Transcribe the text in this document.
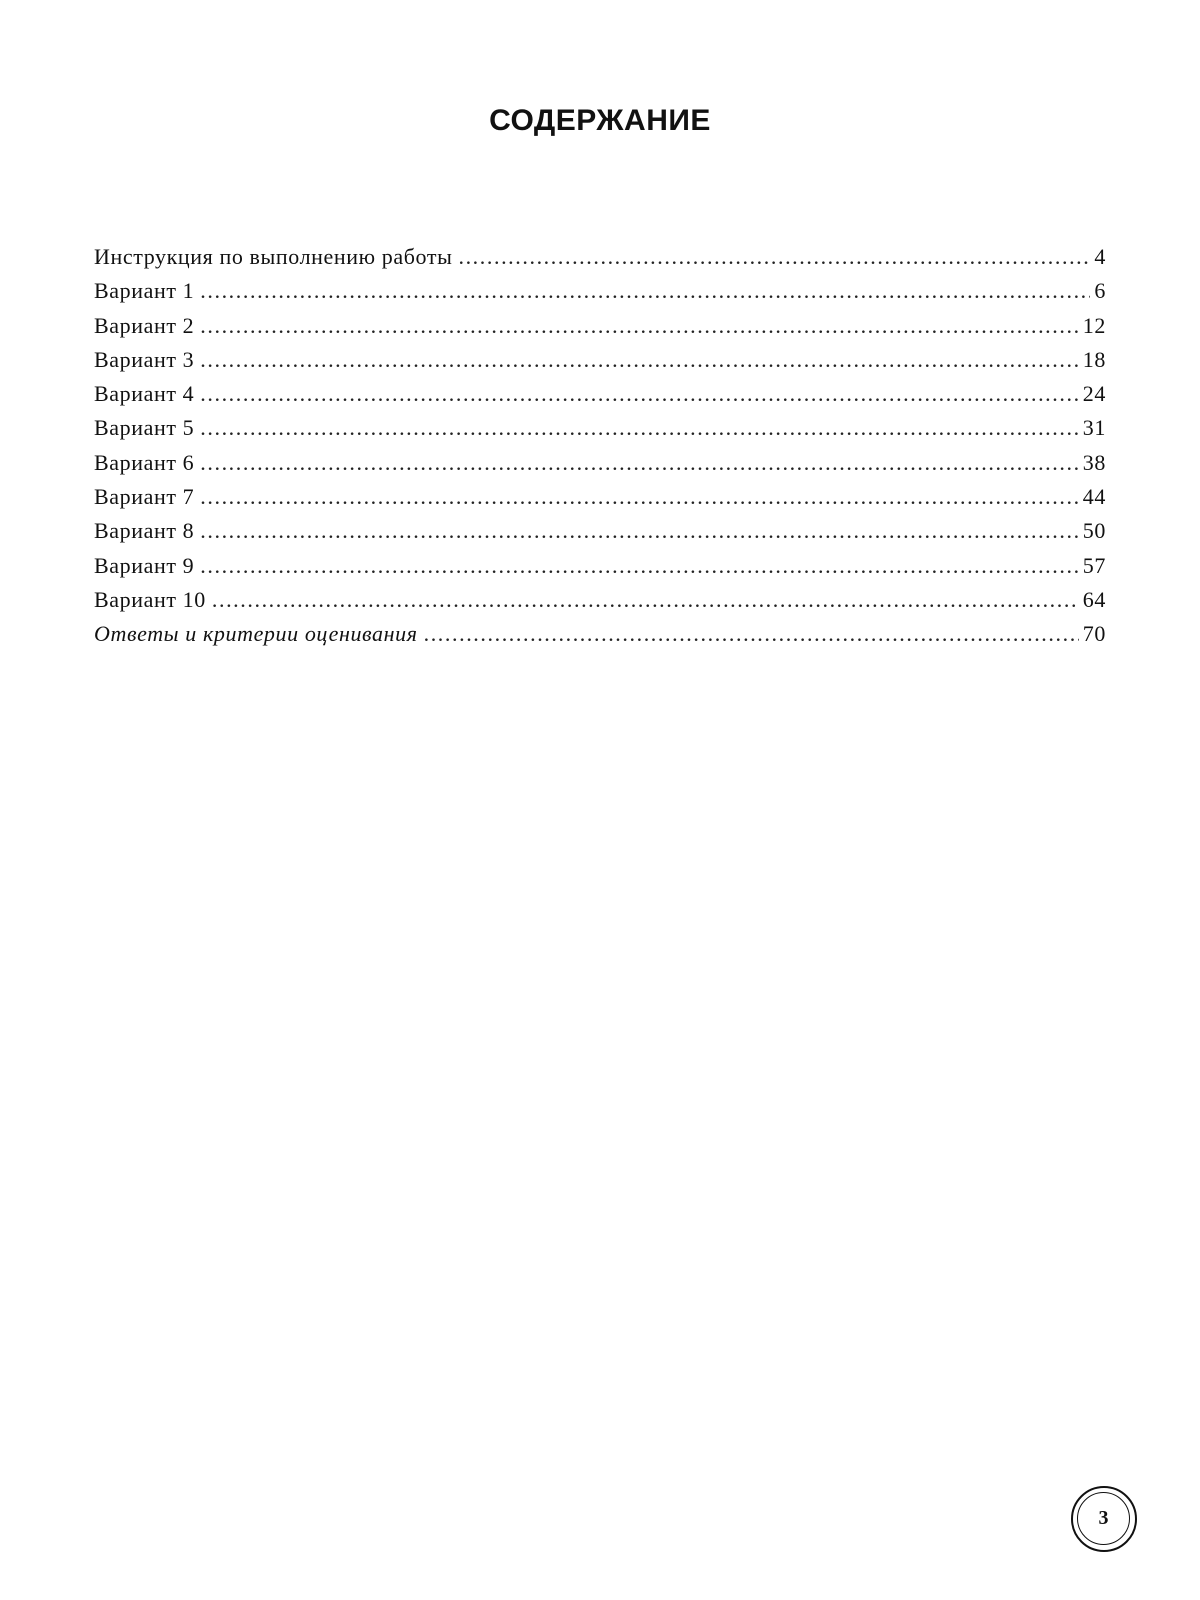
СОДЕРЖАНИЕ
Инструкция по выполнению работы .....	4
Вариант 1 .....	6
Вариант 2 .....	12
Вариант 3 .....	18
Вариант 4 .....	24
Вариант 5 .....	31
Вариант 6 .....	38
Вариант 7 .....	44
Вариант 8 .....	50
Вариант 9 .....	57
Вариант 10 .....	64
Ответы и критерии оценивания .....	70
3
